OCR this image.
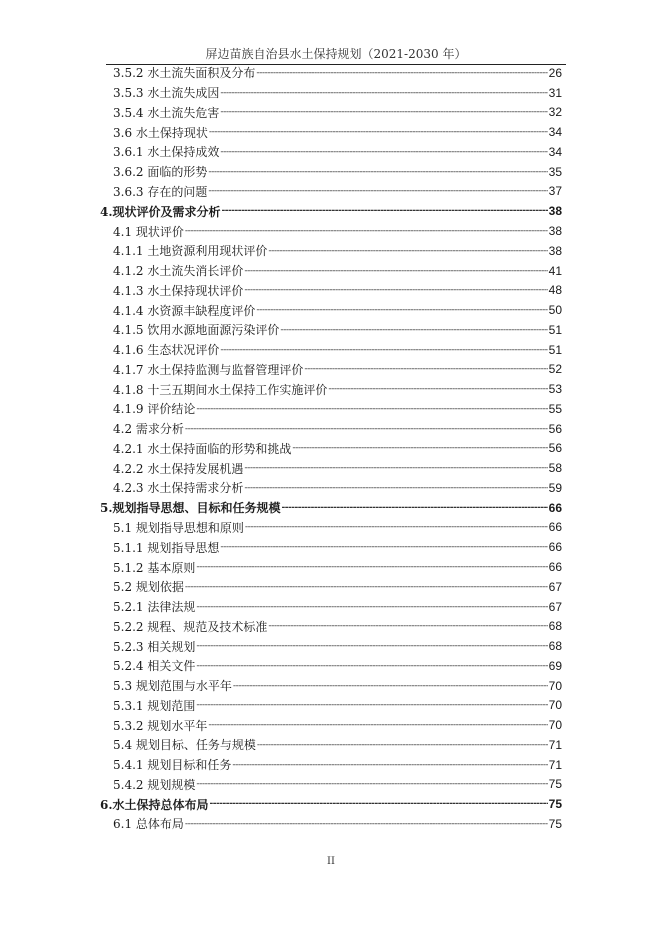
屏边苗族自治县水土保持规划（2021-2030 年）
3.5.2 水土流失面积及分布 -----	26
3.5.3 水土流失成因 -----	31
3.5.4 水土流失危害 -----	32
3.6 水土保持现状 -----	34
3.6.1 水土保持成效 -----	34
3.6.2 面临的形势 -----	35
3.6.3 存在的问题 -----	37
4.现状评价及需求分析 -----	38
4.1 现状评价 -----	38
4.1.1 土地资源利用现状评价 -----	38
4.1.2 水土流失消长评价 -----	41
4.1.3 水土保持现状评价 -----	48
4.1.4 水资源丰缺程度评价 -----	50
4.1.5 饮用水源地面源污染评价 -----	51
4.1.6 生态状况评价 -----	51
4.1.7 水土保持监测与监督管理评价 -----	52
4.1.8 十三五期间水土保持工作实施评价 -----	53
4.1.9 评价结论 -----	55
4.2 需求分析 -----	56
4.2.1 水土保持面临的形势和挑战 -----	56
4.2.2 水土保持发展机遇 -----	58
4.2.3 水土保持需求分析 -----	59
5.规划指导思想、目标和任务规模 -----	66
5.1 规划指导思想和原则 -----	66
5.1.1 规划指导思想 -----	66
5.1.2 基本原则 -----	66
5.2 规划依据 -----	67
5.2.1 法律法规 -----	67
5.2.2 规程、规范及技术标准 -----	68
5.2.3 相关规划 -----	68
5.2.4 相关文件 -----	69
5.3 规划范围与水平年 -----	70
5.3.1 规划范围 -----	70
5.3.2 规划水平年 -----	70
5.4 规划目标、任务与规模 -----	71
5.4.1 规划目标和任务 -----	71
5.4.2 规划规模 -----	75
6.水土保持总体布局 -----	75
6.1 总体布局 -----	75
II
